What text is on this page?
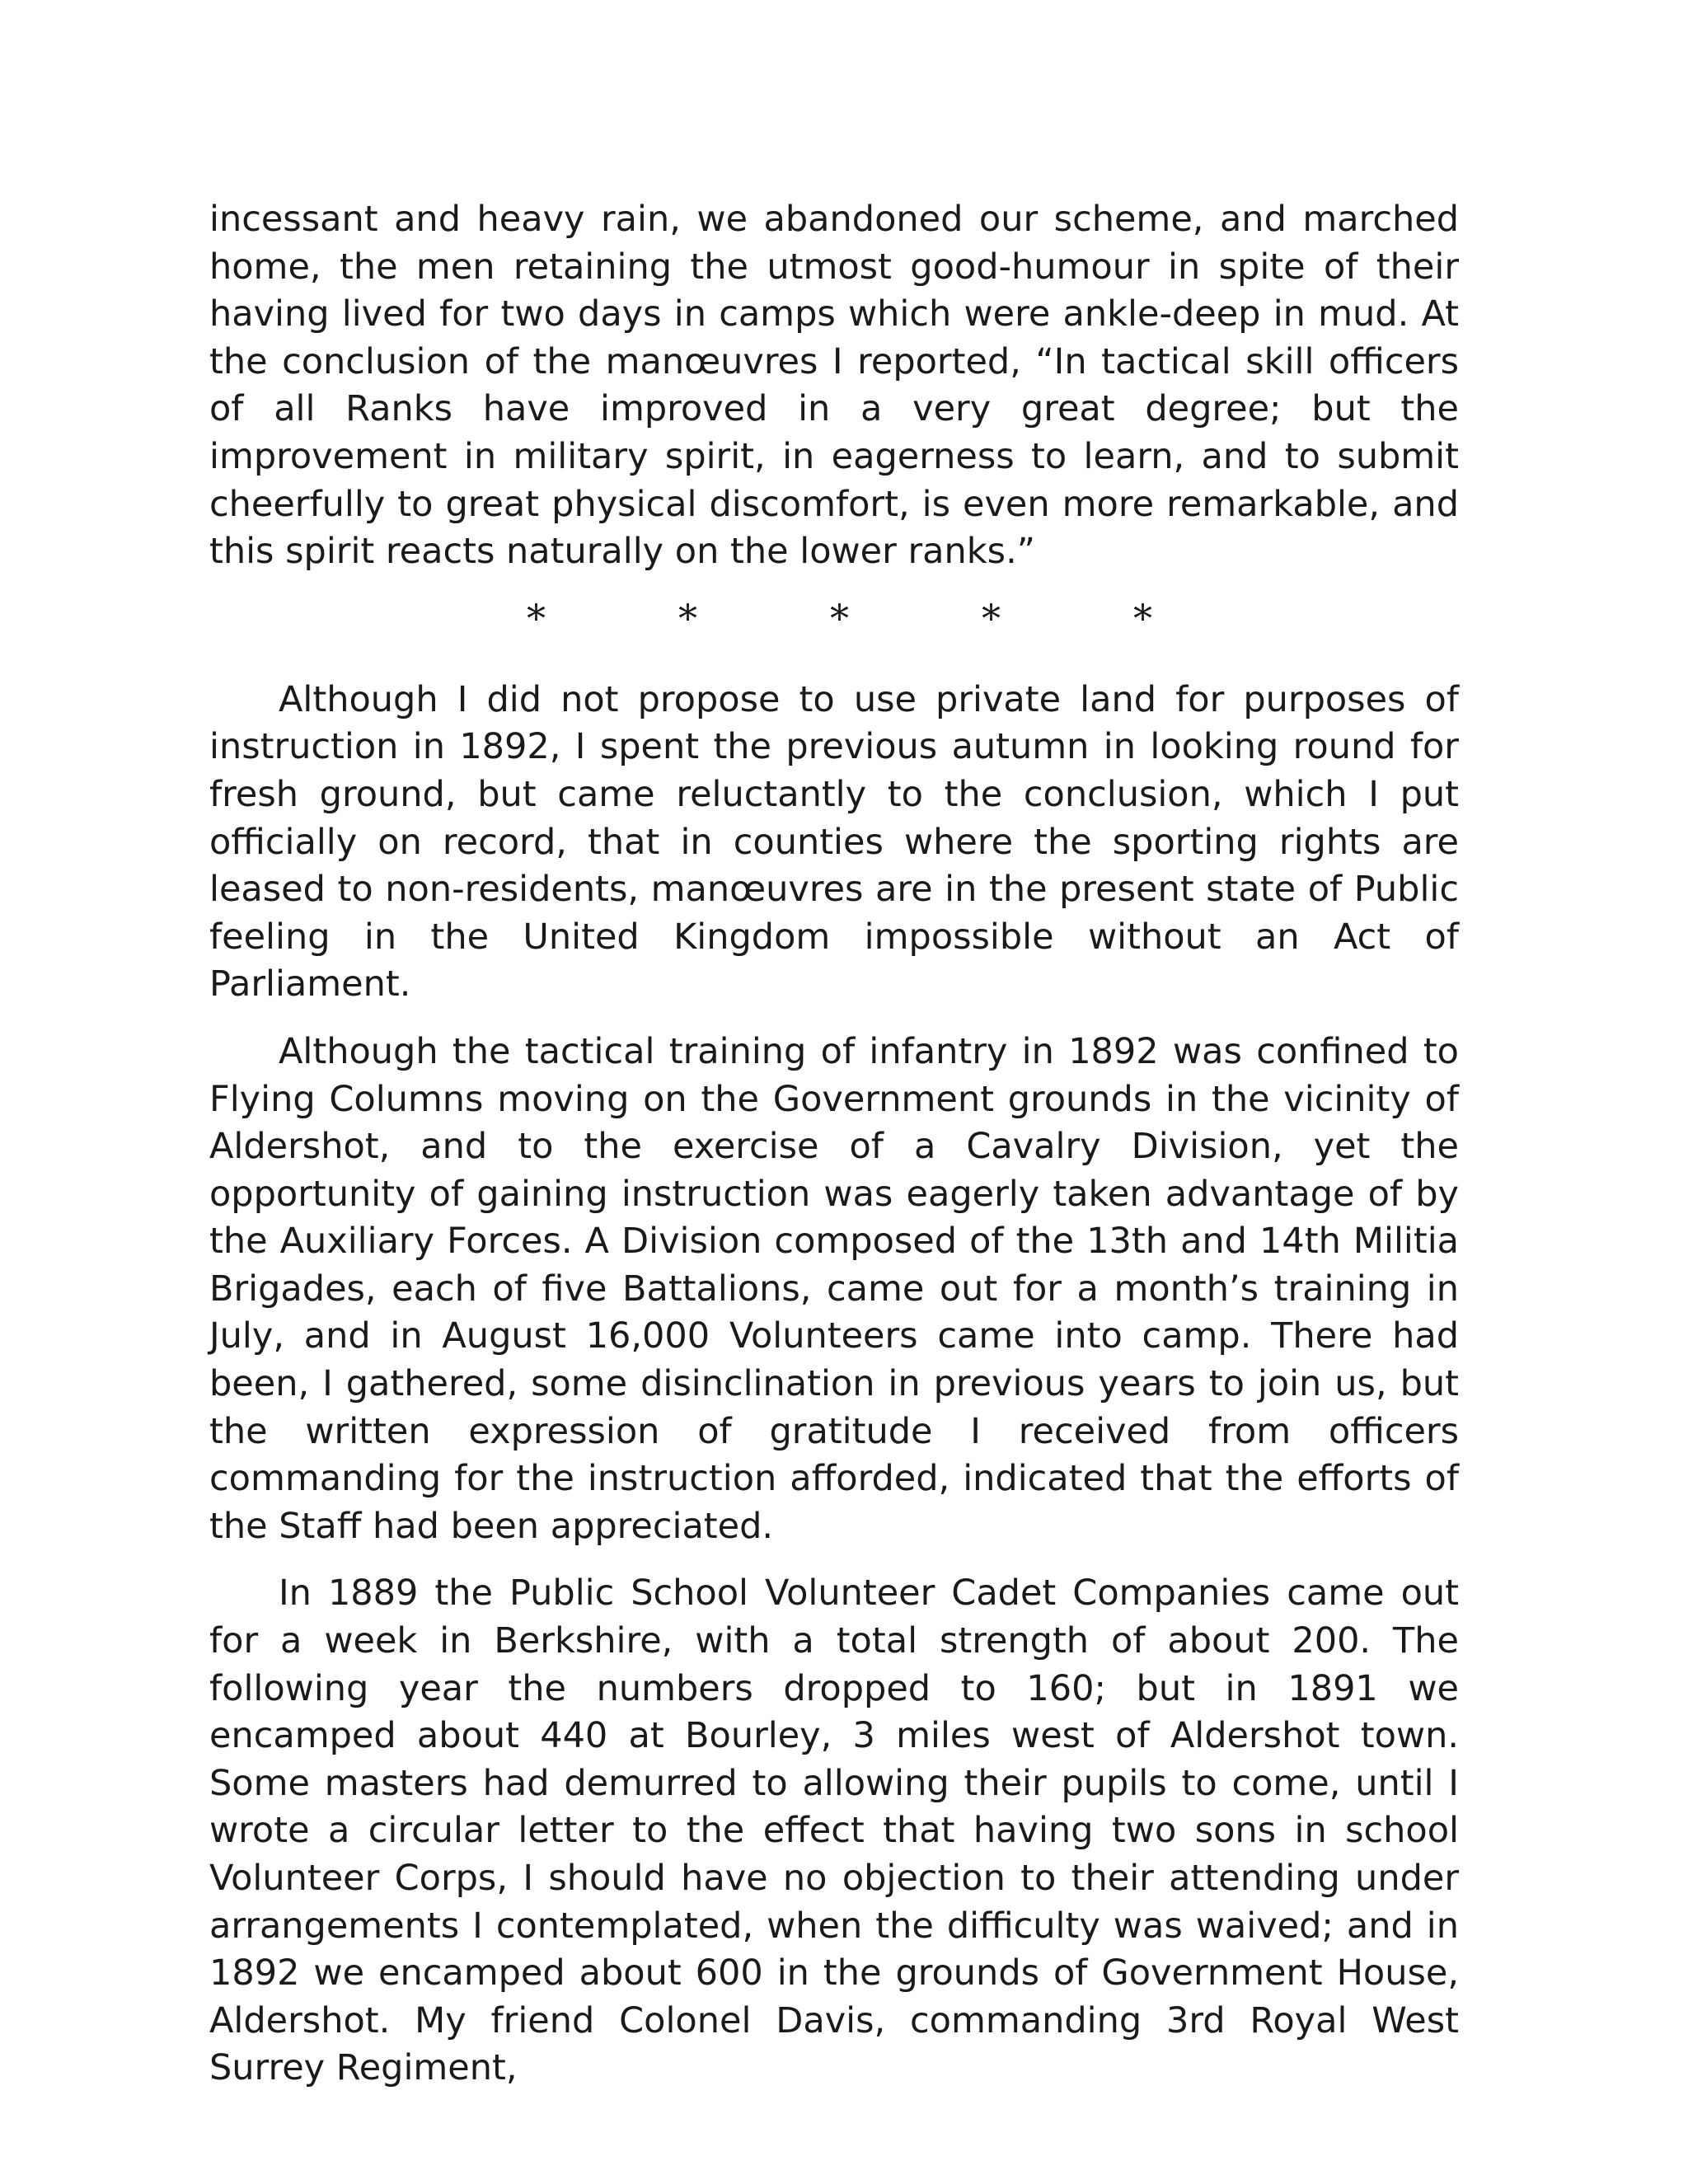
incessant and heavy rain, we abandoned our scheme, and marched home, the men retaining the utmost good-humour in spite of their having lived for two days in camps which were ankle-deep in mud. At the conclusion of the manœuvres I reported, “In tactical skill officers of all Ranks have improved in a very great degree; but the improvement in military spirit, in eagerness to learn, and to submit cheerfully to great physical discomfort, is even more remarkable, and this spirit reacts naturally on the lower ranks.”

*	*	*	*	*

Although I did not propose to use private land for purposes of instruction in 1892, I spent the previous autumn in looking round for fresh ground, but came reluctantly to the conclusion, which I put officially on record, that in counties where the sporting rights are leased to non-residents, manœuvres are in the present state of Public feeling in the United Kingdom impossible without an Act of Parliament.

Although the tactical training of infantry in 1892 was confined to Flying Columns moving on the Government grounds in the vicinity of Aldershot, and to the exercise of a Cavalry Division, yet the opportunity of gaining instruction was eagerly taken advantage of by the Auxiliary Forces. A Division composed of the 13th and 14th Militia Brigades, each of five Battalions, came out for a month’s training in July, and in August 16,000 Volunteers came into camp. There had been, I gathered, some disinclination in previous years to join us, but the written expression of gratitude I received from officers commanding for the instruction afforded, indicated that the efforts of the Staff had been appreciated.

In 1889 the Public School Volunteer Cadet Companies came out for a week in Berkshire, with a total strength of about 200. The following year the numbers dropped to 160; but in 1891 we encamped about 440 at Bourley, 3 miles west of Aldershot town. Some masters had demurred to allowing their pupils to come, until I wrote a circular letter to the effect that having two sons in school Volunteer Corps, I should have no objection to their attending under arrangements I contemplated, when the difficulty was waived; and in 1892 we encamped about 600 in the grounds of Government House, Aldershot. My friend Colonel Davis, commanding 3rd Royal West Surrey Regiment,
